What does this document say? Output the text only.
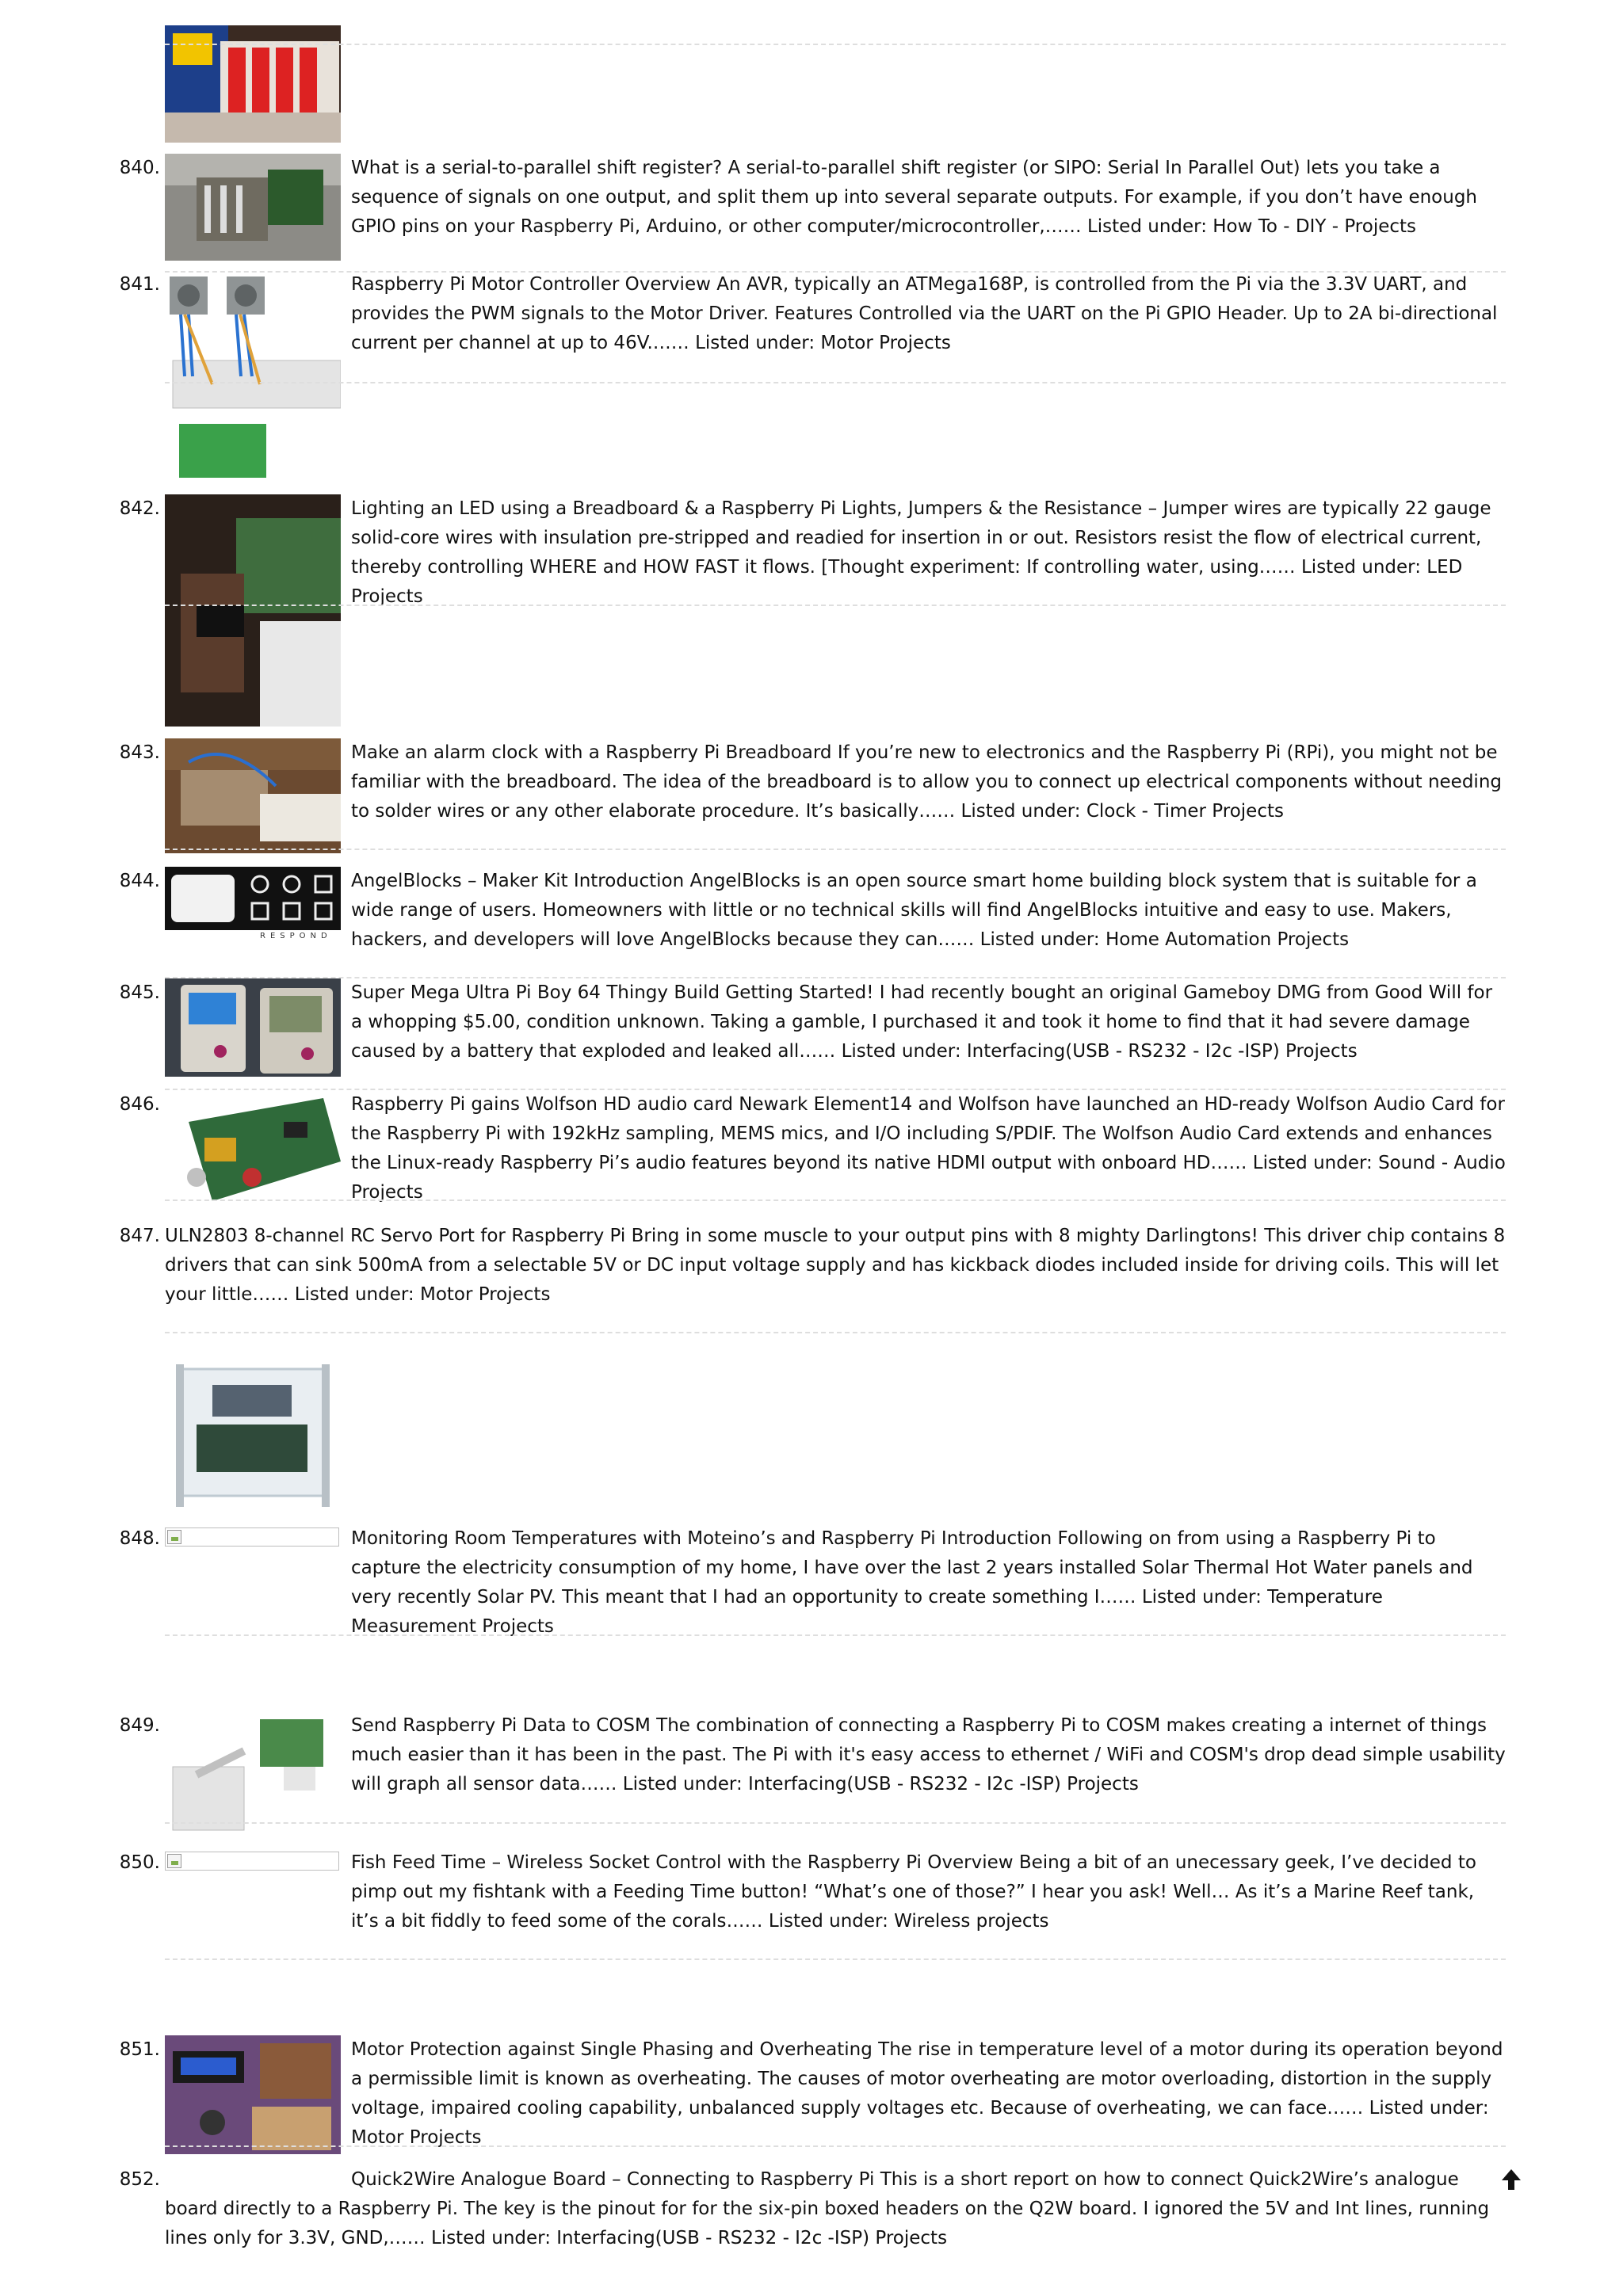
840.	What is a serial-to-parallel shift register? A serial-to-parallel shift register (or SIPO: Serial In Parallel Out) lets you take a sequence of signals on one output, and split them up into several separate outputs. For example, if you don’t have enough GPIO pins on your Raspberry Pi, Arduino, or other computer/microcontroller,…… Listed under: How To - DIY - Projects
841.	Raspberry Pi Motor Controller Overview An AVR, typically an ATMega168P, is controlled from the Pi via the 3.3V UART, and provides the PWM signals to the Motor Driver. Features Controlled via the UART on the Pi GPIO Header. Up to 2A bi-directional current per channel at up to 46V.…… Listed under: Motor Projects
842.	Lighting an LED using a Breadboard & a Raspberry Pi Lights, Jumpers & the Resistance – Jumper wires are typically 22 gauge solid-core wires with insulation pre-stripped and readied for insertion in or out. Resistors resist the flow of electrical current, thereby controlling WHERE and HOW FAST it flows. [Thought experiment: If controlling water, using…… Listed under: LED Projects
843.	Make an alarm clock with a Raspberry Pi Breadboard If you’re new to electronics and the Raspberry Pi (RPi), you might not be familiar with the breadboard. The idea of the breadboard is to allow you to connect up electrical components without needing to solder wires or any other elaborate procedure. It’s basically…… Listed under: Clock - Timer Projects
844.
RESPOND
AngelBlocks – Maker Kit Introduction AngelBlocks is an open source smart home building block system that is suitable for a wide range of users. Homeowners with little or no technical skills will find AngelBlocks intuitive and easy to use. Makers, hackers, and developers will love AngelBlocks because they can…… Listed under: Home Automation Projects
845.	Super Mega Ultra Pi Boy 64 Thingy Build Getting Started! I had recently bought an original Gameboy DMG from Good Will for a whopping $5.00, condition unknown. Taking a gamble, I purchased it and took it home to find that it had severe damage caused by a battery that exploded and leaked all…… Listed under: Interfacing(USB - RS232 - I2c -ISP) Projects
846.	Raspberry Pi gains Wolfson HD audio card Newark Element14 and Wolfson have launched an HD-ready Wolfson Audio Card for the Raspberry Pi with 192kHz sampling, MEMS mics, and I/O including S/PDIF. The Wolfson Audio Card extends and enhances the Linux-ready Raspberry Pi’s audio features beyond its native HDMI output with onboard HD…… Listed under: Sound - Audio Projects
847. ULN2803 8-channel RC Servo Port for Raspberry Pi Bring in some muscle to your output pins with 8 mighty Darlingtons! This driver chip contains 8 drivers that can sink 500mA from a selectable 5V or DC input voltage supply and has kickback diodes included inside for driving coils. This will let your little…… Listed under: Motor Projects
848.	Monitoring Room Temperatures with Moteino’s and Raspberry Pi Introduction Following on from using a Raspberry Pi to capture the electricity consumption of my home, I have over the last 2 years installed Solar Thermal Hot Water panels and very recently Solar PV. This meant that I had an opportunity to create something I…… Listed under: Temperature Measurement Projects
849.	Send Raspberry Pi Data to COSM The combination of connecting a Raspberry Pi to COSM makes creating a internet of things much easier than it has been in the past. The Pi with it's easy access to ethernet / WiFi and COSM's drop dead simple usability will graph all sensor data…… Listed under: Interfacing(USB - RS232 - I2c -ISP) Projects
850.	Fish Feed Time – Wireless Socket Control with the Raspberry Pi Overview Being a bit of an unecessary geek, I’ve decided to pimp out my fishtank with a Feeding Time button! “What’s one of those?” I hear you ask! Well… As it’s a Marine Reef tank, it’s a bit fiddly to feed some of the corals…… Listed under: Wireless projects
851.	Motor Protection against Single Phasing and Overheating The rise in temperature level of a motor during its operation beyond a permissible limit is known as overheating. The causes of motor overheating are motor overloading, distortion in the supply voltage, impaired cooling capability, unbalanced supply voltages etc. Because of overheating, we can face…… Listed under: Motor Projects
852.	Quick2Wire Analogue Board – Connecting to Raspberry Pi This is a short report on how to connect Quick2Wire’s analogue board directly to a Raspberry Pi. The key is the pinout for for the six-pin boxed headers on the Q2W board. I ignored the 5V and Int lines, running lines only for 3.3V, GND,…… Listed under: Interfacing(USB - RS232 - I2c -ISP) Projects
